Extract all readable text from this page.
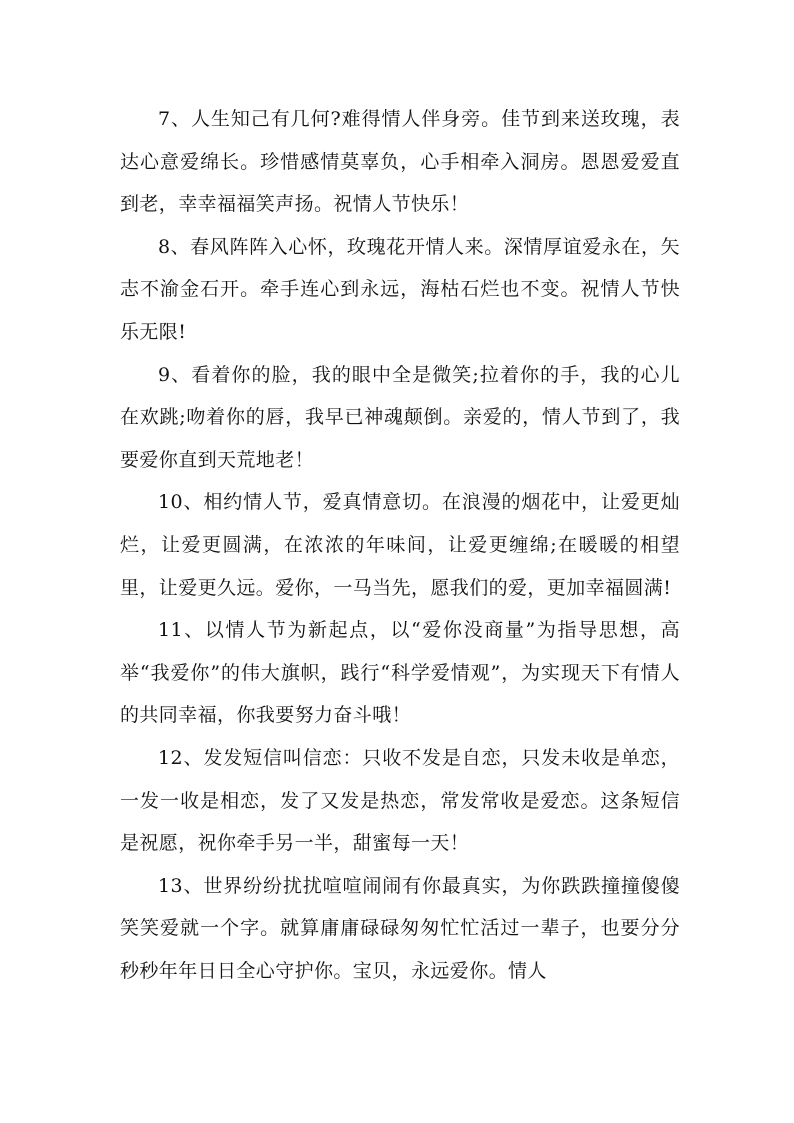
7、人生知己有几何?难得情人伴身旁。佳节到来送玫瑰，表达心意爱绵长。珍惜感情莫辜负，心手相牵入洞房。恩恩爱爱直到老，幸幸福福笑声扬。祝情人节快乐！

8、春风阵阵入心怀，玫瑰花开情人来。深情厚谊爱永在，矢志不渝金石开。牵手连心到永远，海枯石烂也不变。祝情人节快乐无限!

9、看着你的脸，我的眼中全是微笑;拉着你的手，我的心儿在欢跳;吻着你的唇，我早已神魂颠倒。亲爱的，情人节到了，我要爱你直到天荒地老！

10、相约情人节，爱真情意切。在浪漫的烟花中，让爱更灿烂，让爱更圆满，在浓浓的年味间，让爱更缠绵;在暖暖的相望里，让爱更久远。爱你，一马当先，愿我们的爱，更加幸福圆满!

11、以情人节为新起点，以“爱你没商量”为指导思想，高举“我爱你”的伟大旗帜，践行“科学爱情观”，为实现天下有情人的共同幸福，你我要努力奋斗哦！

12、发发短信叫信恋：只收不发是自恋，只发未收是单恋，一发一收是相恋，发了又发是热恋，常发常收是爱恋。这条短信是祝愿，祝你牵手另一半，甜蜜每一天！

13、世界纷纷扰扰喧喧闹闹有你最真实，为你跌跌撞撞傻傻笑笑爱就一个字。就算庸庸碌碌匆匆忙忙活过一辈子，也要分分秒秒年年日日全心守护你。宝贝，永远爱你。情人
